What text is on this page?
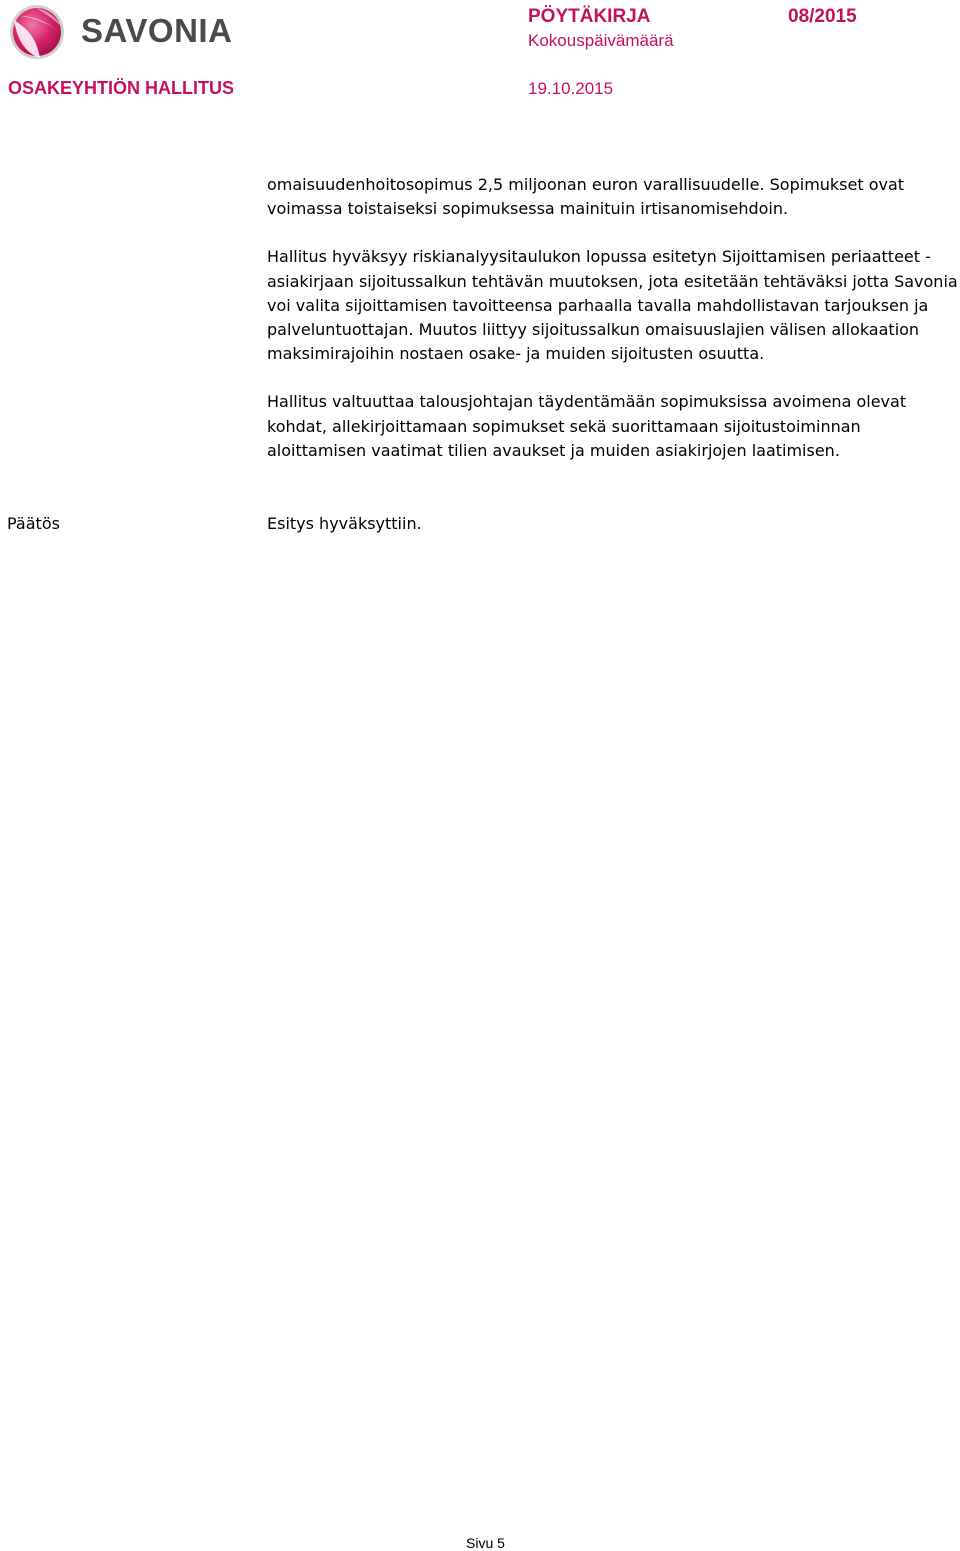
SAVONIA	PÖYTÄKIRJA	08/2015
Kokouspäivämäärä
OSAKEYHTIÖN HALLITUS	19.10.2015

omaisuudenhoitosopimus 2,5 miljoonan euron varallisuudelle. Sopimukset ovat voimassa toistaiseksi sopimuksessa mainituin irtisanomisehdoin.

Hallitus hyväksyy riskianalyysitaulukon lopussa esitetyn Sijoittamisen periaatteet -asiakirjaan sijoitussalkun tehtävän muutoksen, jota esitetään tehtäväksi jotta Savonia voi valita sijoittamisen tavoitteensa parhaalla tavalla mahdollistavan tarjouksen ja palveluntuottajan. Muutos liittyy sijoitussalkun omaisuuslajien välisen allokaation maksimirajoihin nostaen osake- ja muiden sijoitusten osuutta.

Hallitus valtuuttaa talousjohtajan täydentämään sopimuksissa avoimena olevat kohdat, allekirjoittamaan sopimukset sekä suorittamaan sijoitustoiminnan aloittamisen vaatimat tilien avaukset ja muiden asiakirjojen laatimisen.

Päätös	Esitys hyväksyttiin.
Sivu 5
